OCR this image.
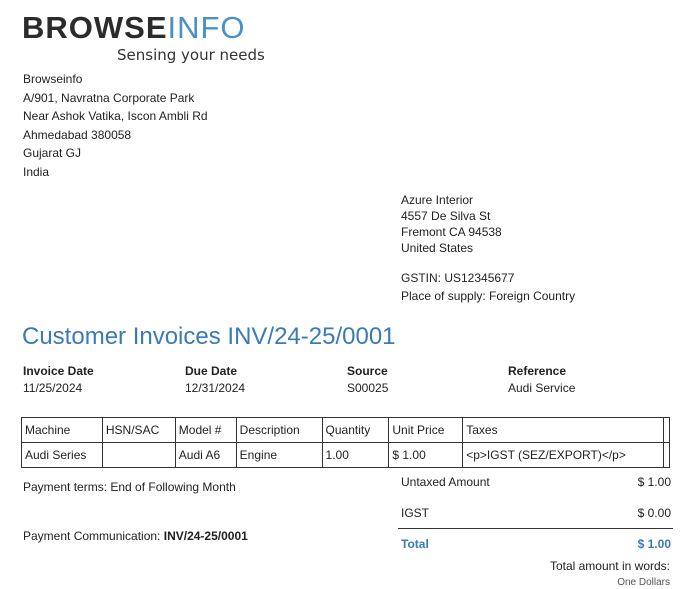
BROWSEINFO
Sensing your needs
Browseinfo
A/901, Navratna Corporate Park
Near Ashok Vatika, Iscon Ambli Rd
Ahmedabad 380058
Gujarat GJ
India
Azure Interior
4557 De Silva St
Fremont CA 94538
United States
GSTIN: US12345677
Place of supply: Foreign Country
Customer Invoices INV/24-25/0001
Invoice Date
11/25/2024
Due Date
12/31/2024
Source
S00025
Reference
Audi Service
Machine	HSN/SAC	Model #	Description	Quantity	Unit Price	Taxes	
Audi Series		Audi A6	Engine	1.00	$ 1.00	<p>IGST (SEZ/EXPORT)</p>	
Payment terms: End of Following Month
Payment Communication: INV/24-25/0001
Untaxed Amount	$ 1.00
IGST	$ 0.00
Total	$ 1.00
Total amount in words:
One Dollars
